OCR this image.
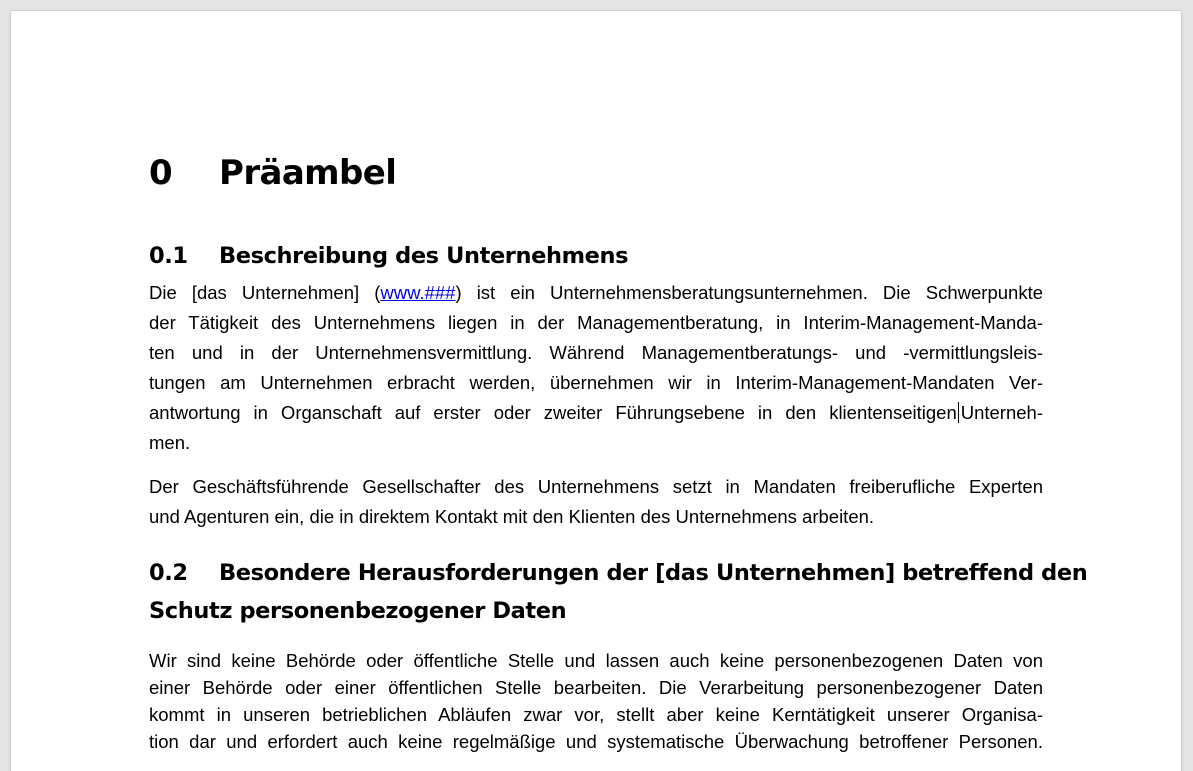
0 Präambel
0.1 Beschreibung des Unternehmens
Die [das Unternehmen] (www.###) ist ein Unternehmensberatungsunternehmen. Die Schwerpunkte
der Tätigkeit des Unternehmens liegen in der Managementberatung, in Interim-Management-Manda-
ten und in der Unternehmensvermittlung. Während Managementberatungs- und -vermittlungsleis-
tungen am Unternehmen erbracht werden, übernehmen wir in Interim-Management-Mandaten Ver-
antwortung in Organschaft auf erster oder zweiter Führungsebene in den klientenseitigen Unterneh-
men.
Der Geschäftsführende Gesellschafter des Unternehmens setzt in Mandaten freiberufliche Experten
und Agenturen ein, die in direktem Kontakt mit den Klienten des Unternehmens arbeiten.
0.2 Besondere Herausforderungen der [das Unternehmen] betreffend den
Schutz personenbezogener Daten
Wir sind keine Behörde oder öffentliche Stelle und lassen auch keine personenbezogenen Daten von
einer Behörde oder einer öffentlichen Stelle bearbeiten. Die Verarbeitung personenbezogener Daten
kommt in unseren betrieblichen Abläufen zwar vor, stellt aber keine Kerntätigkeit unserer Organisa-
tion dar und erfordert auch keine regelmäßige und systematische Überwachung betroffener Personen.
